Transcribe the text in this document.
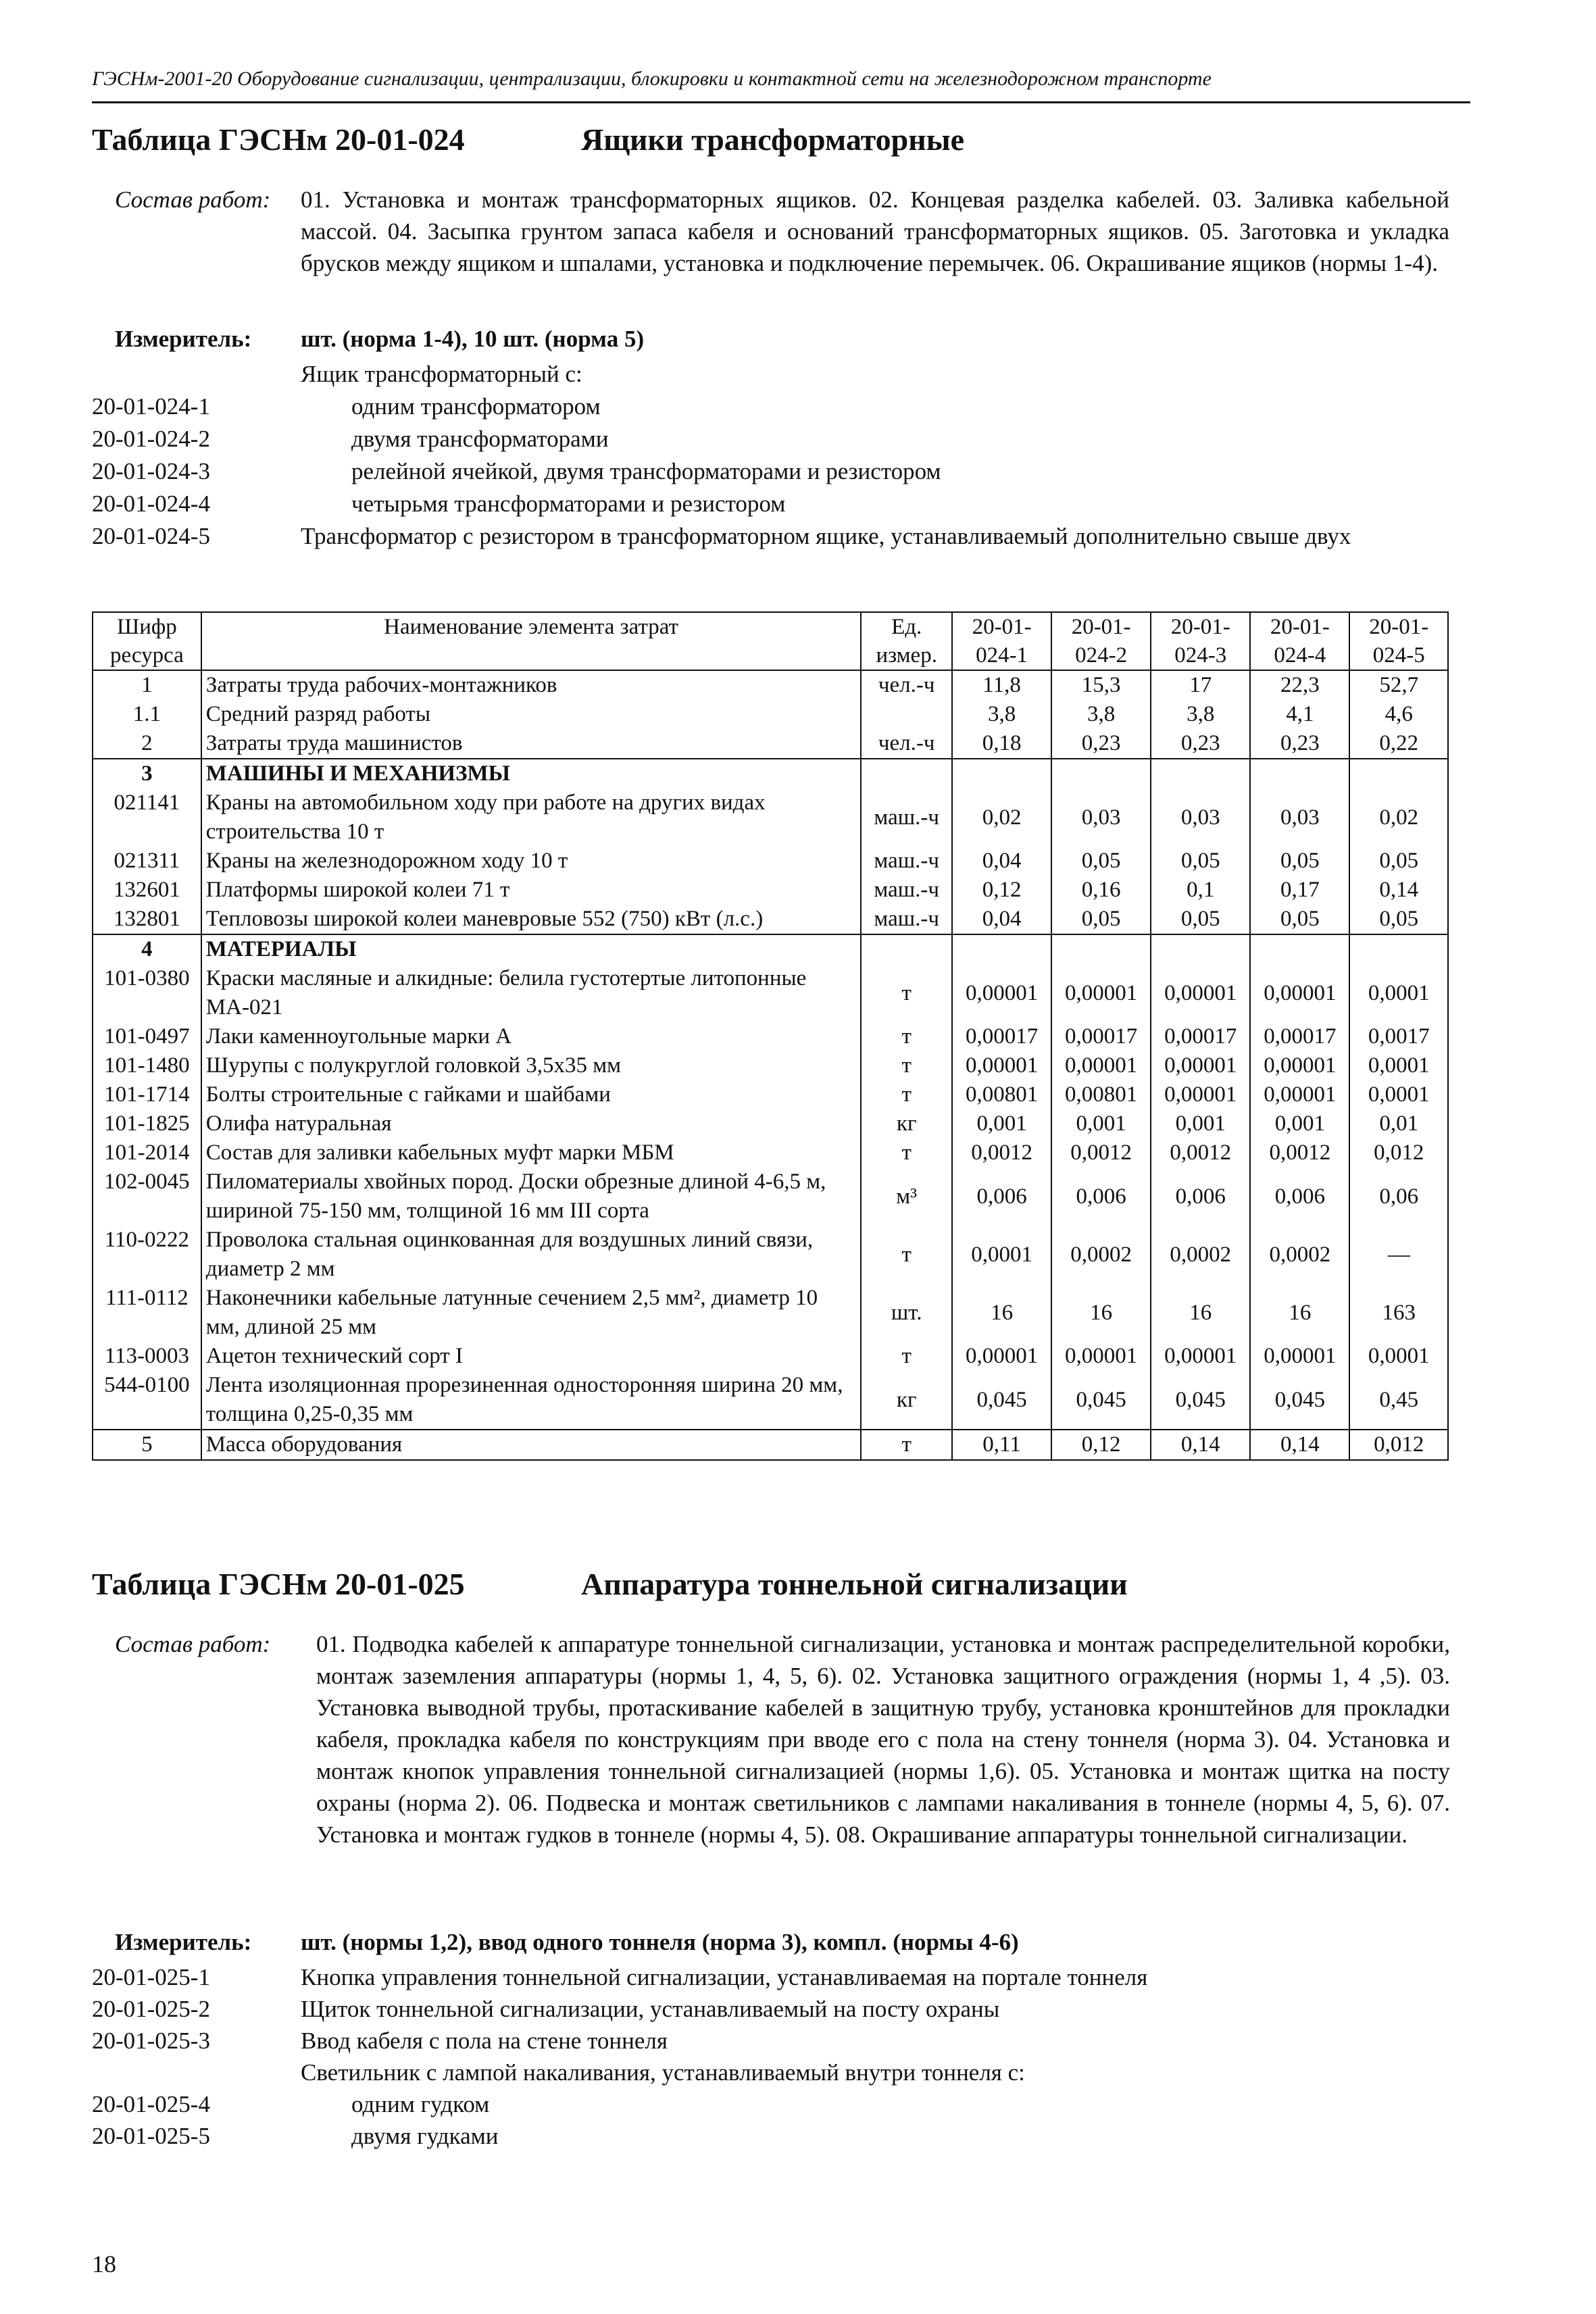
ГЭСНм-2001-20 Оборудование сигнализации, централизации, блокировки и контактной сети на железнодорожном транспорте
Таблица ГЭСНм 20-01-024	Ящики трансформаторные
Состав работ:	01. Установка и монтаж трансформаторных ящиков. 02. Концевая разделка кабелей. 03. Заливка кабельной массой. 04. Засыпка грунтом запаса кабеля и оснований трансформаторных ящиков. 05. Заготовка и укладка брусков между ящиком и шпалами, установка и подключение перемычек. 06. Окрашивание ящиков (нормы 1-4).
Измеритель: шт. (норма 1-4), 10 шт. (норма 5)
Ящик трансформаторный с:
20-01-024-1	одним трансформатором
20-01-024-2	двумя трансформаторами
20-01-024-3	релейной ячейкой, двумя трансформаторами и резистором
20-01-024-4	четырьмя трансформаторами и резистором
20-01-024-5	Трансформатор с резистором в трансформаторном ящике, устанавливаемый дополнительно свыше двух
Шифр ресурса	Наименование элемента затрат	Ед. измер.	20-01-024-1	20-01-024-2	20-01-024-3	20-01-024-4	20-01-024-5
1	Затраты труда рабочих-монтажников	чел.-ч	11,8	15,3	17	22,3	52,7
1.1	Средний разряд работы		3,8	3,8	3,8	4,1	4,6
2	Затраты труда машинистов	чел.-ч	0,18	0,23	0,23	0,23	0,22
3	МАШИНЫ И МЕХАНИЗМЫ						
021141	Краны на автомобильном ходу при работе на других видах строительства 10 т	маш.-ч	0,02	0,03	0,03	0,03	0,02
021311	Краны на железнодорожном ходу 10 т	маш.-ч	0,04	0,05	0,05	0,05	0,05
132601	Платформы широкой колеи 71 т	маш.-ч	0,12	0,16	0,1	0,17	0,14
132801	Тепловозы широкой колеи маневровые 552 (750) кВт (л.с.)	маш.-ч	0,04	0,05	0,05	0,05	0,05
4	МАТЕРИАЛЫ						
101-0380	Краски масляные и алкидные: белила густотертые литопонные МА-021	т	0,00001	0,00001	0,00001	0,00001	0,0001
101-0497	Лаки каменноугольные марки А	т	0,00017	0,00017	0,00017	0,00017	0,0017
101-1480	Шурупы с полукруглой головкой 3,5х35 мм	т	0,00001	0,00001	0,00001	0,00001	0,0001
101-1714	Болты строительные с гайками и шайбами	т	0,00801	0,00801	0,00001	0,00001	0,0001
101-1825	Олифа натуральная	кг	0,001	0,001	0,001	0,001	0,01
101-2014	Состав для заливки кабельных муфт марки МБМ	т	0,0012	0,0012	0,0012	0,0012	0,012
102-0045	Пиломатериалы хвойных пород. Доски обрезные длиной 4-6,5 м, шириной 75-150 мм, толщиной 16 мм III сорта	м³	0,006	0,006	0,006	0,006	0,06
110-0222	Проволока стальная оцинкованная для воздушных линий связи, диаметр 2 мм	т	0,0001	0,0002	0,0002	0,0002	—
111-0112	Наконечники кабельные латунные сечением 2,5 мм², диаметр 10 мм, длиной 25 мм	шт.	16	16	16	16	163
113-0003	Ацетон технический сорт I	т	0,00001	0,00001	0,00001	0,00001	0,0001
544-0100	Лента изоляционная прорезиненная односторонняя ширина 20 мм, толщина 0,25-0,35 мм	кг	0,045	0,045	0,045	0,045	0,45
5	Масса оборудования	т	0,11	0,12	0,14	0,14	0,012
Таблица ГЭСНм 20-01-025	Аппаратура тоннельной сигнализации
Состав работ:	01. Подводка кабелей к аппаратуре тоннельной сигнализации, установка и монтаж распределительной коробки, монтаж заземления аппаратуры (нормы 1, 4, 5, 6). 02. Установка защитного ограждения (нормы 1, 4 ,5). 03. Установка выводной трубы, протаскивание кабелей в защитную трубу, установка кронштейнов для прокладки кабеля, прокладка кабеля по конструкциям при вводе его с пола на стену тоннеля (норма 3). 04. Установка и монтаж кнопок управления тоннельной сигнализацией (нормы 1,6). 05. Установка и монтаж щитка на посту охраны (норма 2). 06. Подвеска и монтаж светильников с лампами накаливания в тоннеле (нормы 4, 5, 6). 07. Установка и монтаж гудков в тоннеле (нормы 4, 5). 08. Окрашивание аппаратуры тоннельной сигнализации.
Измеритель: шт. (нормы 1,2), ввод одного тоннеля (норма 3), компл. (нормы 4-6)
20-01-025-1	Кнопка управления тоннельной сигнализации, устанавливаемая на портале тоннеля
20-01-025-2	Щиток тоннельной сигнализации, устанавливаемый на посту охраны
20-01-025-3	Ввод кабеля с пола на стене тоннеля
Светильник с лампой накаливания, устанавливаемый внутри тоннеля с:
20-01-025-4	одним гудком
20-01-025-5	двумя гудками
18
